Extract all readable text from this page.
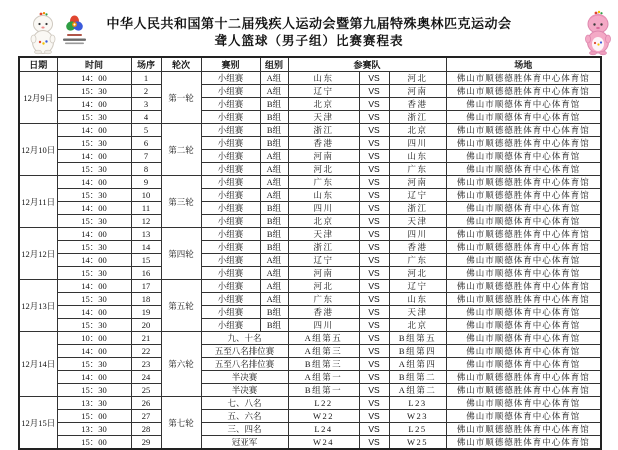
中华人民共和国第十二届残疾人运动会暨第九届特殊奥林匹克运动会
聋人篮球（男子组）比赛赛程表
日期	时间	场序	轮次	赛别	组别	参赛队			场地
12月9日	14：00	1	第一轮	小组赛	A组	山东	VS	河北	佛山市顺德德胜体育中心体育馆
	15：30	2		小组赛	A组	辽宁	VS	河南	佛山市顺德德胜体育中心体育馆
	14：00	3		小组赛	B组	北京	VS	香港	佛山市顺德体育中心体育馆
	15：30	4		小组赛	B组	天津	VS	浙江	佛山市顺德体育中心体育馆
12月10日	14：00	5	第二轮	小组赛	B组	浙江	VS	北京	佛山市顺德德胜体育中心体育馆
	15：30	6		小组赛	B组	香港	VS	四川	佛山市顺德德胜体育中心体育馆
	14：00	7		小组赛	A组	河南	VS	山东	佛山市顺德体育中心体育馆
	15：30	8		小组赛	A组	河北	VS	广东	佛山市顺德体育中心体育馆
12月11日	14：00	9	第三轮	小组赛	A组	广东	VS	河南	佛山市顺德德胜体育中心体育馆
	15：30	10		小组赛	A组	山东	VS	辽宁	佛山市顺德德胜体育中心体育馆
	14：00	11		小组赛	B组	四川	VS	浙江	佛山市顺德体育中心体育馆
	15：30	12		小组赛	B组	北京	VS	天津	佛山市顺德体育中心体育馆
12月12日	14：00	13	第四轮	小组赛	B组	天津	VS	四川	佛山市顺德德胜体育中心体育馆
	15：30	14		小组赛	B组	浙江	VS	香港	佛山市顺德德胜体育中心体育馆
	14：00	15		小组赛	A组	辽宁	VS	广东	佛山市顺德体育中心体育馆
	15：30	16		小组赛	A组	河南	VS	河北	佛山市顺德体育中心体育馆
12月13日	14：00	17	第五轮	小组赛	A组	河北	VS	辽宁	佛山市顺德德胜体育中心体育馆
	15：30	18		小组赛	A组	广东	VS	山东	佛山市顺德德胜体育中心体育馆
	14：00	19		小组赛	B组	香港	VS	天津	佛山市顺德体育中心体育馆
	15：30	20		小组赛	B组	四川	VS	北京	佛山市顺德体育中心体育馆
12月14日	10：00	21	第六轮	九、十名		A组第五	VS	B组第五	佛山市顺德体育中心体育馆
	14：00	22		五至八名排位赛		A组第三	VS	B组第四	佛山市顺德体育中心体育馆
	15：30	23		五至八名排位赛		B组第三	VS	A组第四	佛山市顺德体育中心体育馆
	14：00	24		半决赛		A组第一	VS	B组第二	佛山市顺德德胜体育中心体育馆
	15：30	25		半决赛		B组第一	VS	A组第二	佛山市顺德德胜体育中心体育馆
12月15日	13：30	26	第七轮	七、八名		L22	VS	L23	佛山市顺德体育中心体育馆
	15：00	27		五、六名		W22	VS	W23	佛山市顺德体育中心体育馆
	13：30	28		三、四名		L24	VS	L25	佛山市顺德德胜体育中心体育馆
	15：00	29		冠亚军		W24	VS	W25	佛山市顺德德胜体育中心体育馆
